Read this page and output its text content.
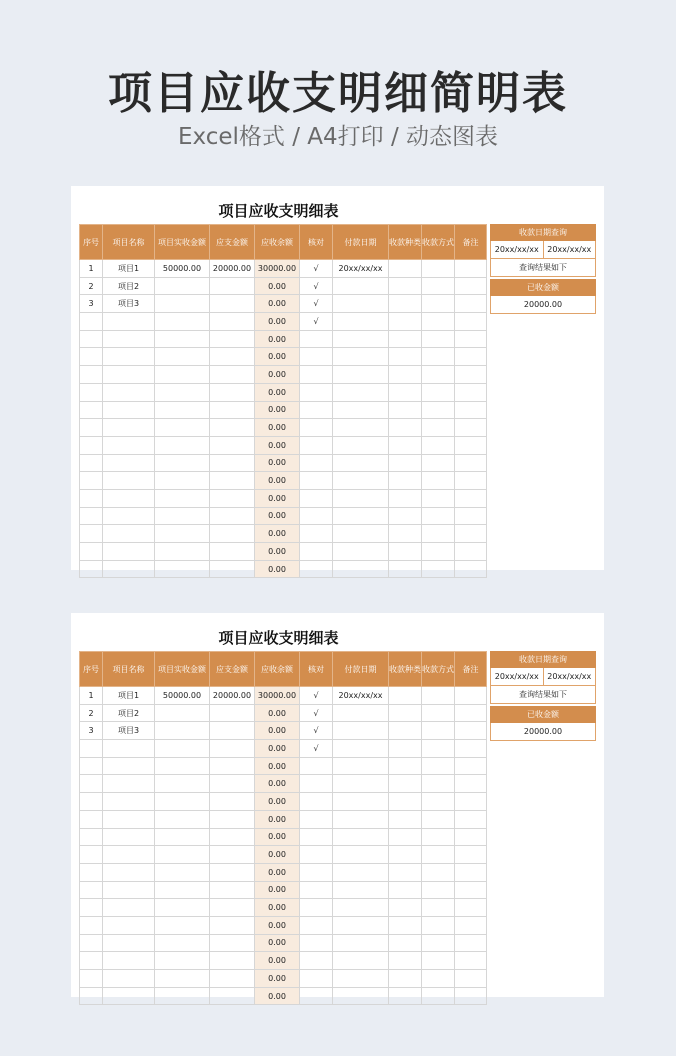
项目应收支明细简明表
Excel格式 / A4打印 / 动态图表
项目应收支明细表
序号	项目名称	项目实收金额	应支金额	应收余额	核对	付款日期	收款种类	收款方式	备注
1	项目1	50000.00	20000.00	30000.00	√	20xx/xx/xx			
2	项目2			0.00	√				
3	项目3			0.00	√				
				0.00	√				
				0.00					
				0.00					
				0.00					
				0.00					
				0.00					
				0.00					
				0.00					
				0.00					
				0.00					
				0.00					
				0.00					
				0.00					
				0.00					
				0.00					
收款日期查询
20xx/xx/xx	20xx/xx/xx
查询结果如下
已收金额
20000.00
项目应收支明细表
序号	项目名称	项目实收金额	应支金额	应收余额	核对	付款日期	收款种类	收款方式	备注
1	项目1	50000.00	20000.00	30000.00	√	20xx/xx/xx			
2	项目2			0.00	√				
3	项目3			0.00	√				
				0.00	√				
				0.00					
				0.00					
				0.00					
				0.00					
				0.00					
				0.00					
				0.00					
				0.00					
				0.00					
				0.00					
				0.00					
				0.00					
				0.00					
				0.00					
收款日期查询
20xx/xx/xx	20xx/xx/xx
查询结果如下
已收金额
20000.00
